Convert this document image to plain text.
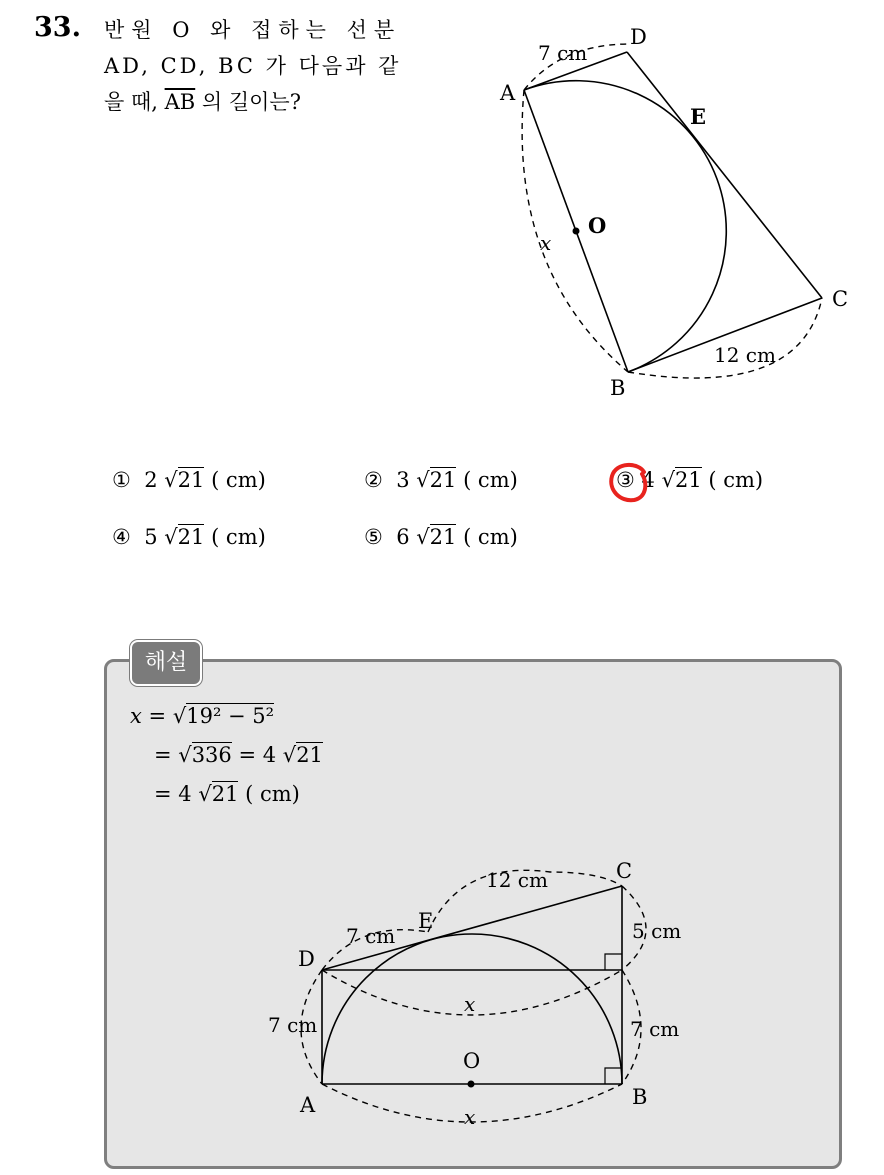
33. 반원 O 와 접하는 선분
AD, CD, BC 가 다음과 같
을 때, $\overline{AB}$ 의 길이는?	A
B
C
D
E
O
x
7 cm
12 cm
① 2 √21 ( cm)	② 3 √21 ( cm)	③ 4 √21 ( cm)
④ 5 √21 ( cm)	⑤ 6 √21 ( cm)
해설
x = √19² − 5²
= √336 = 4 √21
= 4 √21 ( cm)
A	B
C
D
E
O
x
x
7 cm
12 cm
7 cm	7 cm
5 cm
